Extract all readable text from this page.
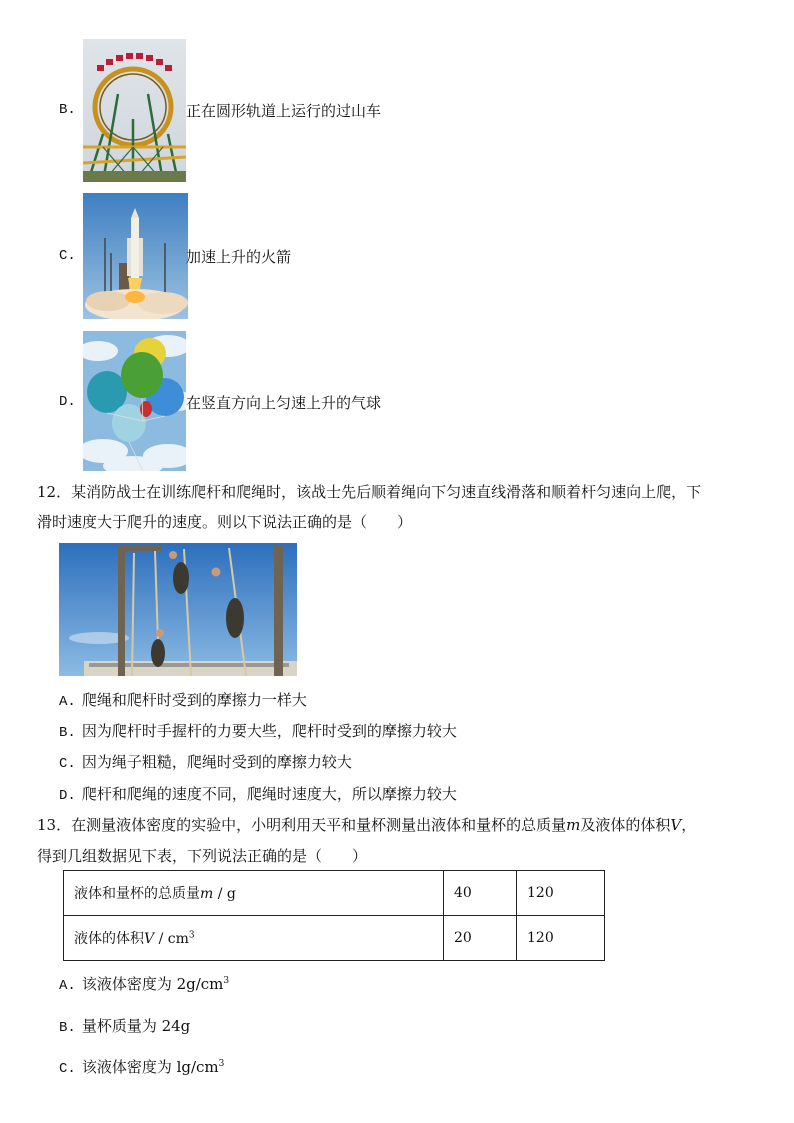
B.	正在圆形轨道上运行的过山车
C.	加速上升的火箭
D.	在竖直方向上匀速上升的气球
12．某消防战士在训练爬杆和爬绳时，该战士先后顺着绳向下匀速直线滑落和顺着杆匀速向上爬，下
滑时速度大于爬升的速度。则以下说法正确的是（　　）
A. 爬绳和爬杆时受到的摩擦力一样大
B. 因为爬杆时手握杆的力要大些，爬杆时受到的摩擦力较大
C. 因为绳子粗糙，爬绳时受到的摩擦力较大
D. 爬杆和爬绳的速度不同，爬绳时速度大，所以摩擦力较大
13．在测量液体密度的实验中，小明利用天平和量杯测量出液体和量杯的总质量m及液体的体积V，
得到几组数据见下表，下列说法正确的是（　　）
液体和量杯的总质量m / g	40	120
液体的体积V / $cm^3$	20	120
A. 该液体密度为 $2g/cm^3$
B. 量杯质量为 24g
C. 该液体密度为 $\lg/cm^3$
